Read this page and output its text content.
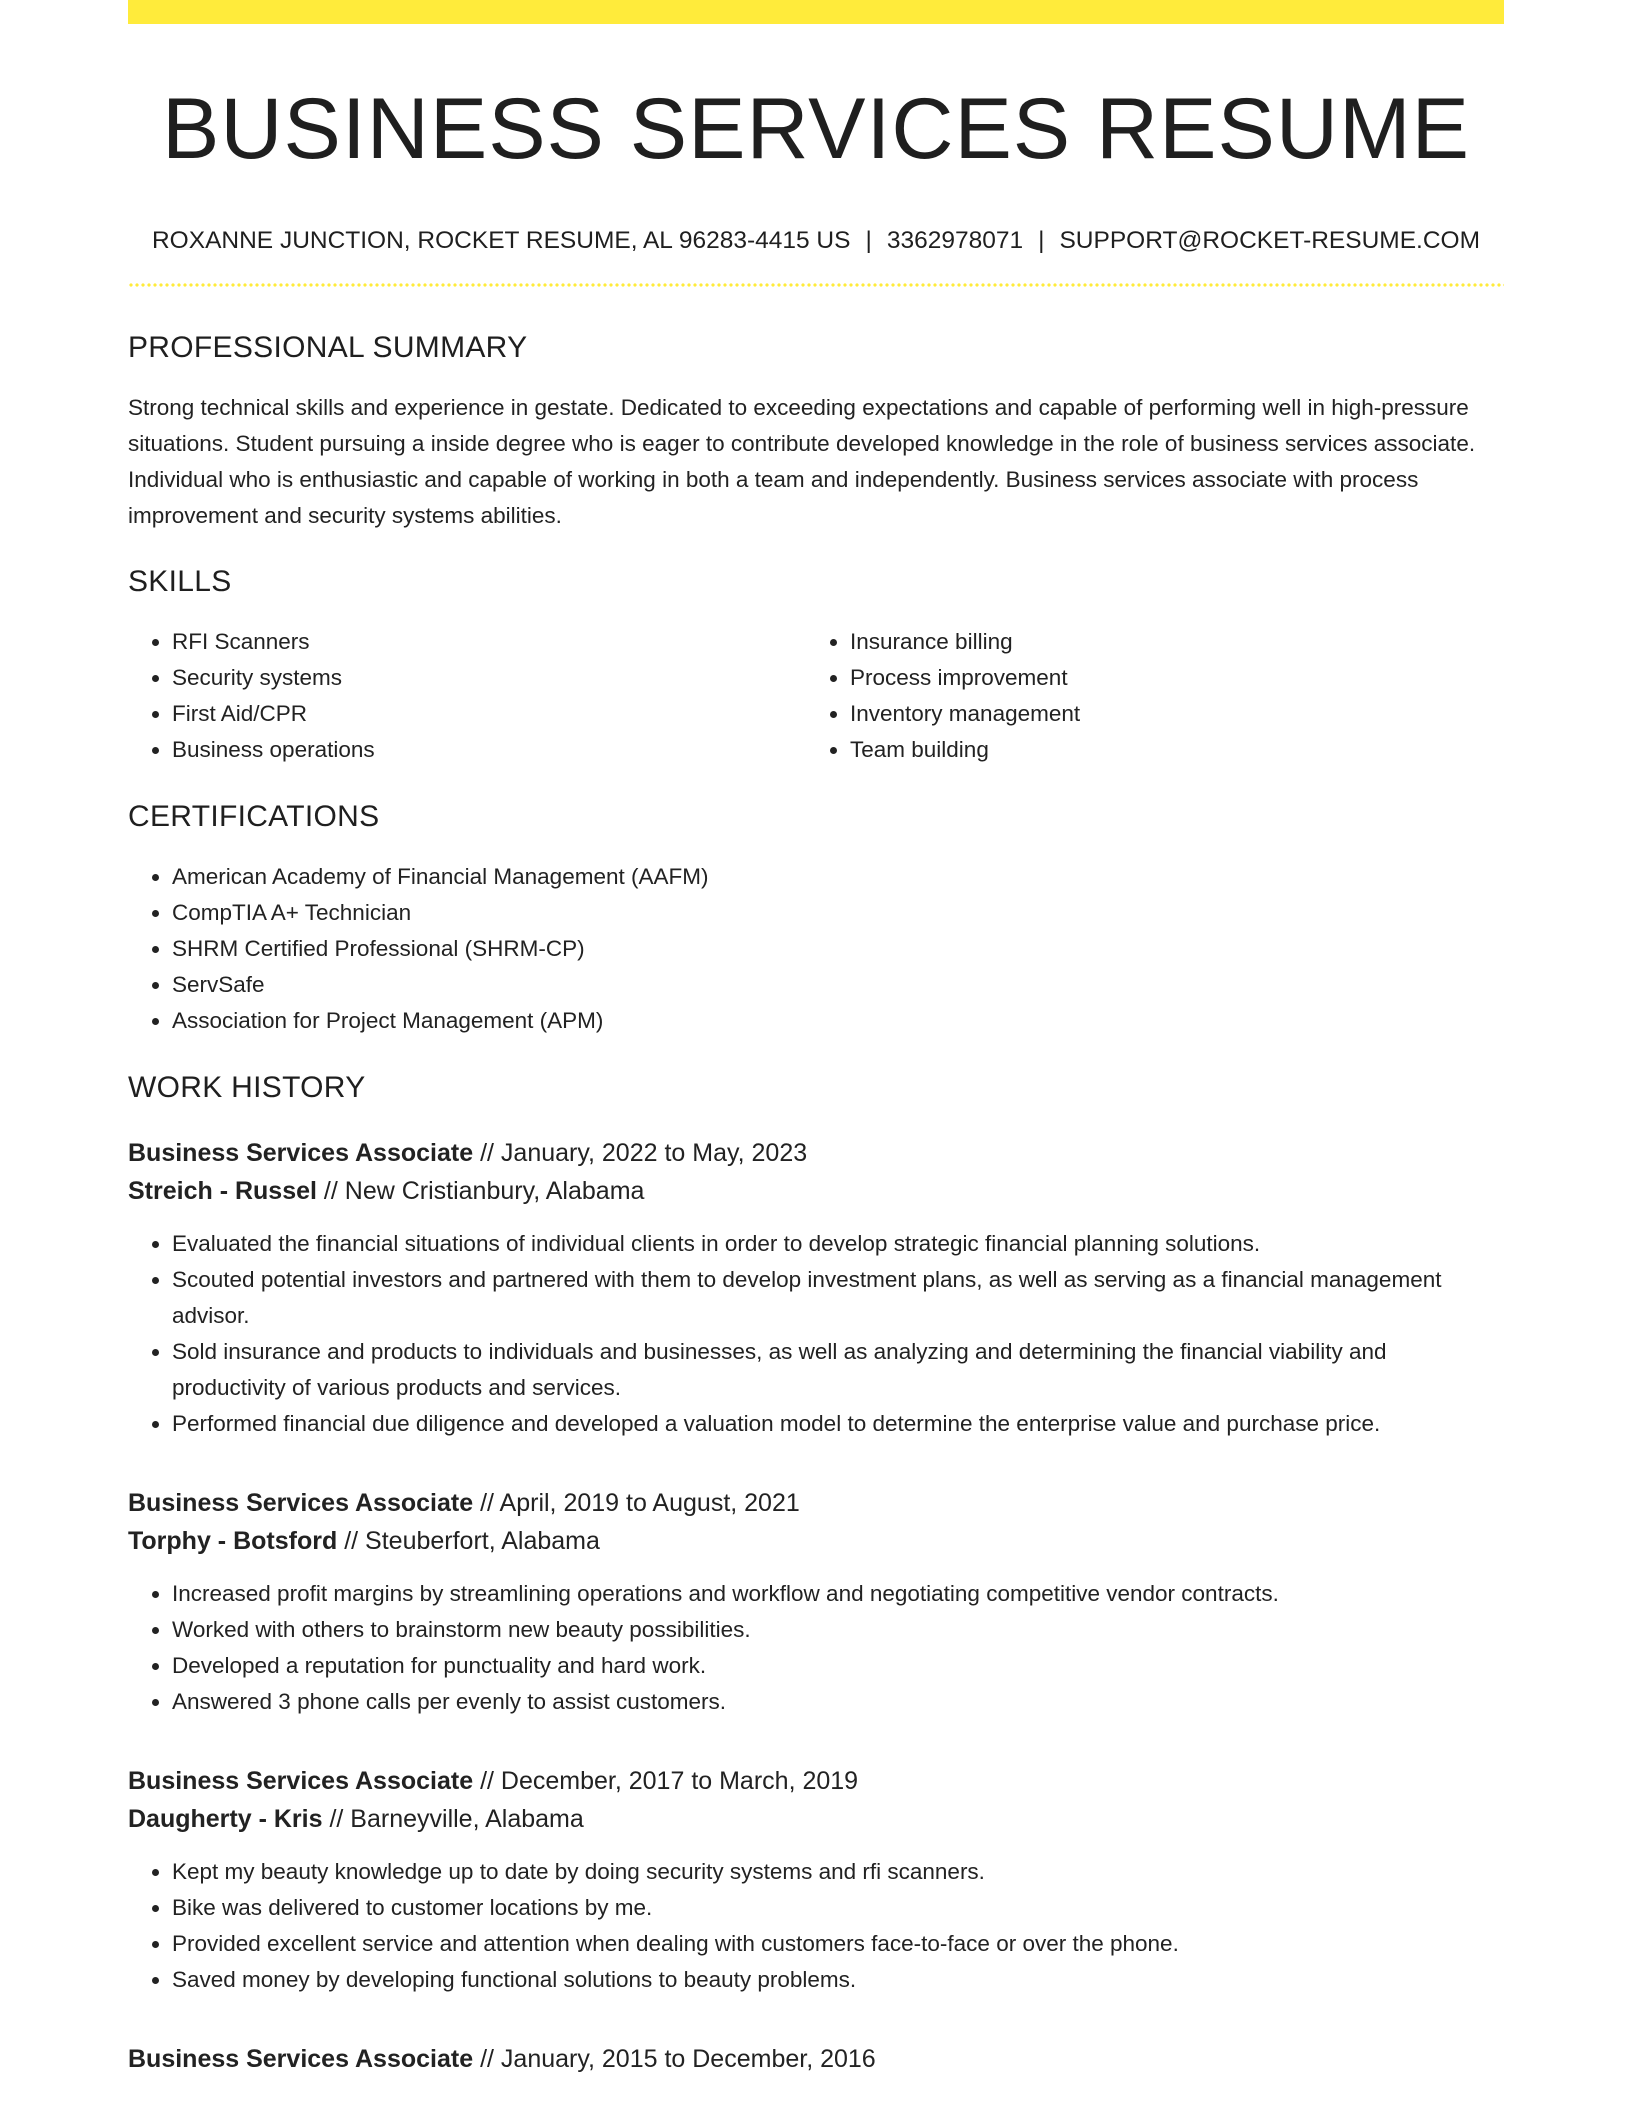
BUSINESS SERVICES RESUME
ROXANNE JUNCTION, ROCKET RESUME, AL 96283-4415 US | 3362978071 | SUPPORT@ROCKET-RESUME.COM
PROFESSIONAL SUMMARY

Strong technical skills and experience in gestate. Dedicated to exceeding expectations and capable of performing well in high-pressure situations. Student pursuing a inside degree who is eager to contribute developed knowledge in the role of business services associate. Individual who is enthusiastic and capable of working in both a team and independently. Business services associate with process improvement and security systems abilities.

SKILLS
• RFI Scanners
• Security systems
• First Aid/CPR
• Business operations
• Insurance billing
• Process improvement
• Inventory management
• Team building
CERTIFICATIONS
• American Academy of Financial Management (AAFM)
• CompTIA A+ Technician
• SHRM Certified Professional (SHRM-CP)
• ServSafe
• Association for Project Management (APM)
WORK HISTORY
Business Services Associate // January, 2022 to May, 2023
Streich - Russel // New Cristianbury, Alabama
• Evaluated the financial situations of individual clients in order to develop strategic financial planning solutions.
• Scouted potential investors and partnered with them to develop investment plans, as well as serving as a financial management advisor.
• Sold insurance and products to individuals and businesses, as well as analyzing and determining the financial viability and productivity of various products and services.
• Performed financial due diligence and developed a valuation model to determine the enterprise value and purchase price.
Business Services Associate // April, 2019 to August, 2021
Torphy - Botsford // Steuberfort, Alabama
• Increased profit margins by streamlining operations and workflow and negotiating competitive vendor contracts.
• Worked with others to brainstorm new beauty possibilities.
• Developed a reputation for punctuality and hard work.
• Answered 3 phone calls per evenly to assist customers.
Business Services Associate // December, 2017 to March, 2019
Daugherty - Kris // Barneyville, Alabama
• Kept my beauty knowledge up to date by doing security systems and rfi scanners.
• Bike was delivered to customer locations by me.
• Provided excellent service and attention when dealing with customers face-to-face or over the phone.
• Saved money by developing functional solutions to beauty problems.
Business Services Associate // January, 2015 to December, 2016
